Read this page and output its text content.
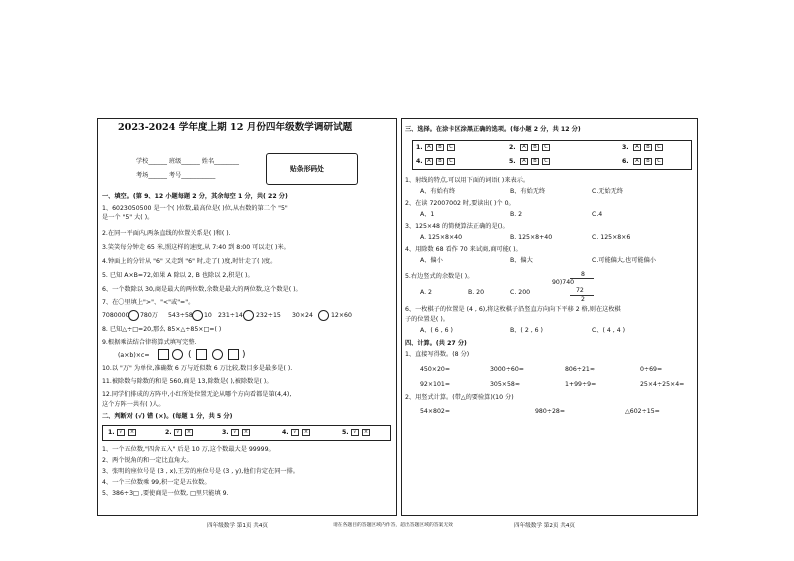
2023-2024 学年度上期 12 月份四年级数学调研试题
学校______ 班级______ 姓名________
考场______ 考号___________
贴条形码处
一、填空。(第 9、12 小题每题 2 分，其余每空 1 分，共( 22 分)
1、6023050500 是一个( )位数,最高位是( )位,从右数的第二个 "5"
是一个 "5" 大( )。
2.在同一平面内,两条直线的位置关系是( )和( ).
3.笑笑每分钟走 65 米,照这样的速度,从 7:40 到 8:00 可以走( )米。
4.钟面上的分针从 "6" 又走到 "6" 时,走了( )度,时针走了( )度。
5. 已知 A×B=72,如果 A 除以 2, B 也除以 2,积是( )。
6、一个数除以 30,商是最大的两位数,余数是最大的两位数,这个数是( )。
7、在〇里填上">"、"<"或"="。
7080000 780万 543÷58 10 231÷14 232÷15 30×24	12×60
8. 已知△÷□=20,那么 85×△÷85×□=( )
9.根据乘法结合律将算式填写完整.
(a×b)×c=	(	)
10.以 "万" 为单位,准确数 6 万与近似数 6 万比较,数目多是最多是( ).
11.被除数与除数的和是 560,商是 13,除数是( ),被除数是( )。
12.同学们排成的方阵中,小红所处位置无论从哪个方向看都是第(4,4),
这个方阵一共有( )人。
二、判断对 (√) 错 (×)。(每题 1 分，共 5 分)
1. √	×	2. √	×	3. √	×	4. √	×	5. √	×
1、一个五位数,"四舍五入" 后是 10 万,这个数最大是 99999。
2、两个锐角的和一定比直角大。
3、张明的座位号是 (3 , x),王芳的座位号是 (3 , y),他们肯定在同一排。
4、一个三位数乘 99,积一定是五位数。
5、386÷3□ ,要使商是一位数, □里只能填 9.
三、选择。在涂卡区涂黑正确的选项。(每小题 2 分，共 12 分)
1. A	B	C	2.	A	B	C	3.	A	B	C
4. A	B	C	5.	A	B	C	6.	A	B	C
1、射线的特点,可以用下面的词语( )来表示。
A、有始有终	B、有始无终	C.无始无终
2、在读 72007002 时,要读出( )个 0。
A、1	B. 2	C.4
3、125×48 的简便算法正确的是()。
A. 125×8×40	B. 125×8+40	C. 125×8×6
4、用除数 68 看作 70 来试商,商可能( )。
A、偏小	B、偏大	C.可能偏大,也可能偏小
5.右边竖式的余数是( )。
A. 2	B. 20	C. 200
8
90)740
72
2
6、一枚棋子的位置是 (4 , 6),将这枚棋子沿竖直方向向下平移 2 格,则在这枚棋
子的位置是( )。
A、( 6 , 6 )	B、( 2 , 6 )	C、( 4 , 4 )
四、计算。(共 27 分)
1、直接写得数。(8 分)
450×20=	3000÷60=	806÷21≈	0÷69=
92×101=	305×58≈	1+99÷9=	25×4÷25×4=
2、用竖式计算。(带△的要验算)(10 分)
54×802=	980÷28=	△602÷15=
四年级数学 第1页 共4页	请在各题目的答题区域内作答，超出答题区域的答案无效	四年级数学 第2页 共4页
